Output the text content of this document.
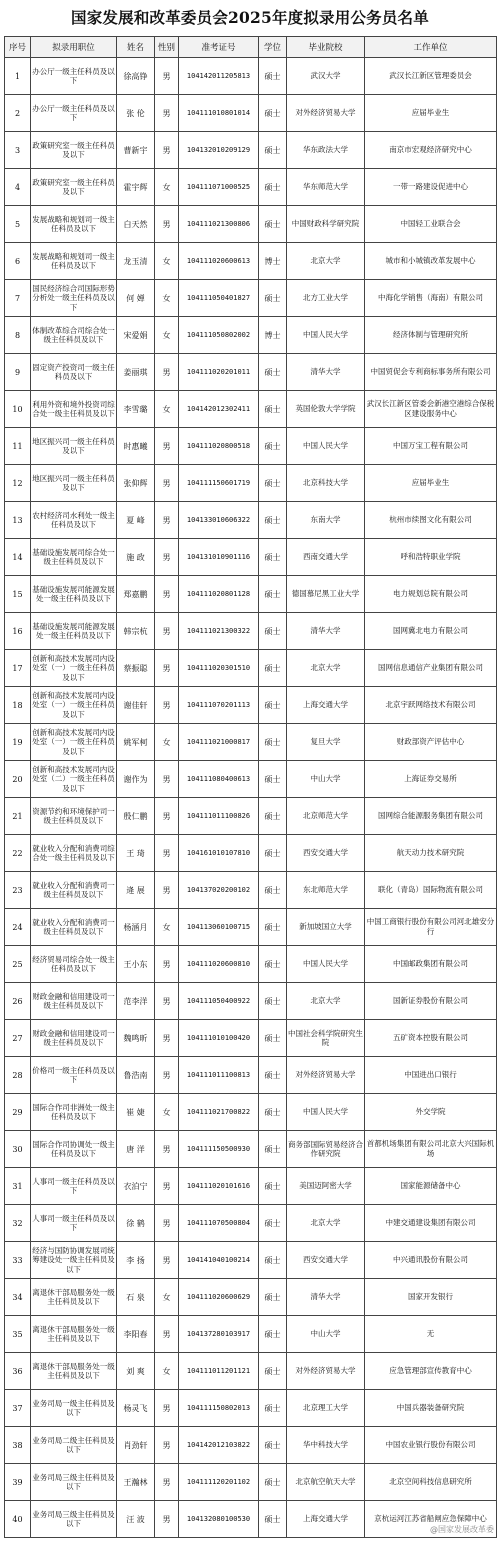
国家发展和改革委员会2025年度拟录用公务员名单
序号	拟录用职位	姓名	性别	准考证号	学位	毕业院校	工作单位
1	办公厅一级主任科员及以下	徐高铮	男	104142011205813	硕士	武汉大学	武汉长江新区管理委员会
2	办公厅一级主任科员及以下	张 伦	男	104111010801014	硕士	对外经济贸易大学	应届毕业生
3	政策研究室一级主任科员及以下	曹新宇	男	104132010209129	硕士	华东政法大学	南京市宏观经济研究中心
4	政策研究室一级主任科员及以下	霍宇辉	女	104111071000525	硕士	华东师范大学	一带一路建设促进中心
5	发展战略和规划司一级主任科员及以下	白天然	男	104111021300806	硕士	中国财政科学研究院	中国轻工业联合会
6	发展战略和规划司一级主任科员及以下	龙玉清	女	104111020600613	博士	北京大学	城市和小城镇改革发展中心
7	国民经济综合司国际形势分析处一级主任科员及以下	何 婵	女	104111050401827	硕士	北方工业大学	中海化学销售（海南）有限公司
8	体制改革综合司综合处一级主任科员及以下	宋爱娟	女	104111050802002	博士	中国人民大学	经济体制与管理研究所
9	固定资产投资司一级主任科员及以下	姜丽琪	男	104111020201011	硕士	清华大学	中国贸促会专利商标事务所有限公司
10	利用外资和境外投资司综合处一级主任科员及以下	李雪璐	女	104142012302411	硕士	英国伦敦大学学院	武汉长江新区管委会新港空港综合保税区建设服务中心
11	地区振兴司一级主任科员及以下	时惠曦	男	104111020800518	硕士	中国人民大学	中国万宝工程有限公司
12	地区振兴司一级主任科员及以下	张仰辉	男	104111150601719	硕士	北京科技大学	应届毕业生
13	农村经济司水利处一级主任科员及以下	夏 峰	男	104133010606322	硕士	东南大学	杭州市续图文化有限公司
14	基础设施发展司综合处一级主任科员及以下	施 政	男	104131010901116	硕士	西南交通大学	呼和浩特职业学院
15	基础设施发展司能源发展处一级主任科员及以下	郑嘉鹏	男	104111020801128	硕士	德国慕尼黑工业大学	电力规划总院有限公司
16	基础设施发展司能源发展处一级主任科员及以下	韩宗杭	男	104111021300322	硕士	清华大学	国网冀北电力有限公司
17	创新和高技术发展司内设处室（一）一级主任科员及以下	蔡振聪	男	104111020301510	硕士	北京大学	国网信息通信产业集团有限公司
18	创新和高技术发展司内设处室（一）一级主任科员及以下	谢佳轩	男	104111070201113	硕士	上海交通大学	北京宇跃网络技术有限公司
19	创新和高技术发展司内设处室（一）一级主任科员及以下	姚军柯	女	104111021000817	硕士	复旦大学	财政部资产评估中心
20	创新和高技术发展司内设处室（二）一级主任科员及以下	谢作为	男	104111080400613	硕士	中山大学	上海证券交易所
21	资源节约和环境保护司一级主任科员及以下	殷仁鹏	男	104111011100826	硕士	北京师范大学	国网综合能源服务集团有限公司
22	就业收入分配和消费司综合处一级主任科员及以下	王 琦	男	104161010107810	硕士	西安交通大学	航天动力技术研究院
23	就业收入分配和消费司一级主任科员及以下	逄 展	男	104137020200102	硕士	东北师范大学	联化（青岛）国际物流有限公司
24	就业收入分配和消费司一级主任科员及以下	杨涵月	女	104113060100715	硕士	新加坡国立大学	中国工商银行股份有限公司河北雄安分行
25	经济贸易司综合处一级主任科员及以下	王小东	男	104111020600810	硕士	中国人民大学	中国邮政集团有限公司
26	财政金融和信用建设司一级主任科员及以下	范李洋	男	104111050400922	硕士	北京大学	国新证券股份有限公司
27	财政金融和信用建设司一级主任科员及以下	魏鸣昕	男	104111010100420	硕士	中国社会科学院研究生院	五矿资本控股有限公司
28	价格司一级主任科员及以下	鲁浩南	男	104111011100813	硕士	对外经济贸易大学	中国进出口银行
29	国际合作司非洲处一级主任科员及以下	崔 婕	女	104111021700822	硕士	中国人民大学	外交学院
30	国际合作司协调处一级主任科员及以下	唐 洋	男	104111150500930	硕士	商务部国际贸易经济合作研究院	首都机场集团有限公司北京大兴国际机场
31	人事司一级主任科员及以下	衣泊宁	男	104111020101616	硕士	美国迈阿密大学	国家能源储备中心
32	人事司一级主任科员及以下	徐 鹤	男	104111070500804	硕士	北京大学	中建交通建设集团有限公司
33	经济与国防协调发展司统筹建设处一级主任科员及以下	李 扬	男	104141040100214	硕士	西安交通大学	中兴通讯股份有限公司
34	离退休干部局服务处一级主任科员及以下	石 泉	女	104111020600629	硕士	清华大学	国家开发银行
35	离退休干部局服务处一级主任科员及以下	李阳春	男	104137280103917	硕士	中山大学	无
36	离退休干部局服务处一级主任科员及以下	刘 爽	女	104111011201121	硕士	对外经济贸易大学	应急管理部宣传教育中心
37	业务司局一级主任科员及以下	杨灵飞	男	104111150802013	硕士	北京理工大学	中国兵器装备研究院
38	业务司局二级主任科员及以下	肖劲轩	男	104142012103822	硕士	华中科技大学	中国农业银行股份有限公司
39	业务司局三级主任科员及以下	王瀚林	男	104111120201102	硕士	北京航空航天大学	北京空间科技信息研究所
40	业务司局三级主任科员及以下	汪 波	男	104132080100530	硕士	上海交通大学	京杭运河江苏省船闸应急保障中心
@国家发展改革委
